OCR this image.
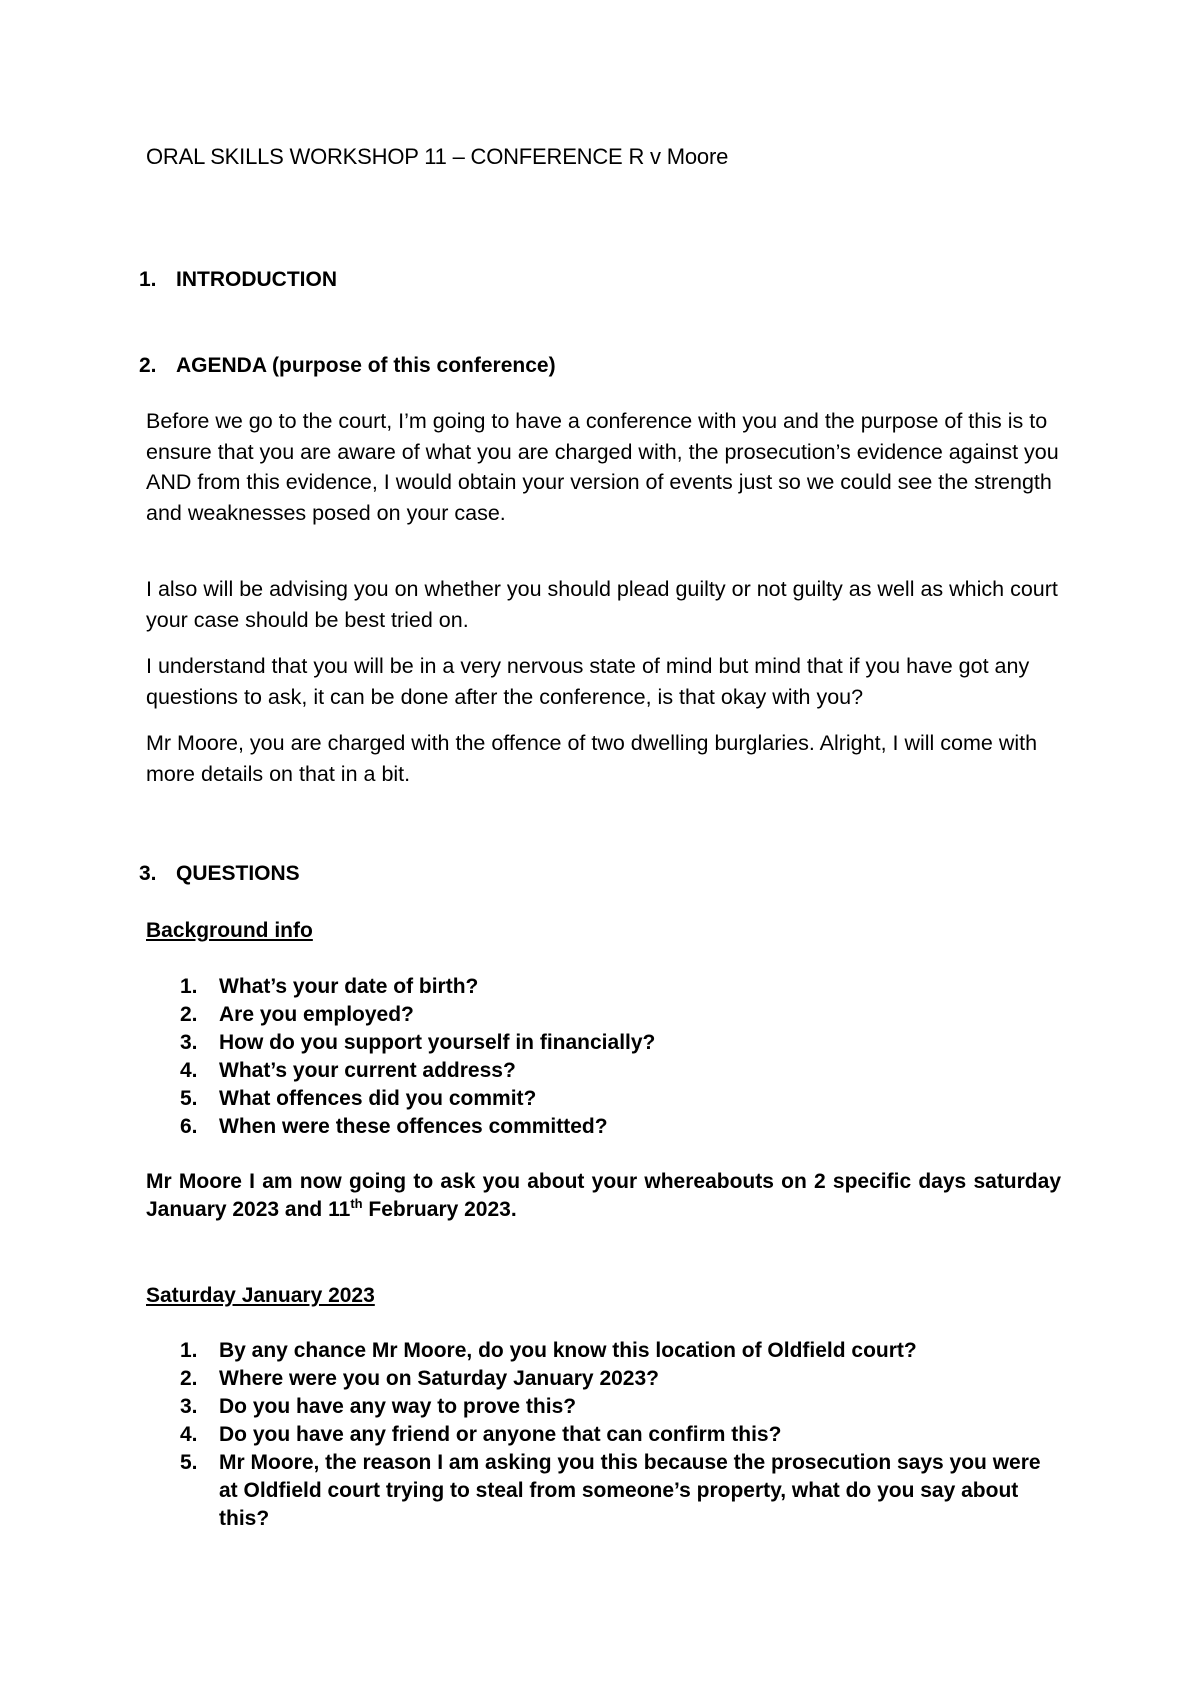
ORAL SKILLS WORKSHOP 11 – CONFERENCE R v Moore
1. INTRODUCTION
2. AGENDA (purpose of this conference)

Before we go to the court, I’m going to have a conference with you and the purpose of this is to ensure that you are aware of what you are charged with, the prosecution’s evidence against you AND from this evidence, I would obtain your version of events just so we could see the strength and weaknesses posed on your case.

I also will be advising you on whether you should plead guilty or not guilty as well as which court your case should be best tried on.

I understand that you will be in a very nervous state of mind but mind that if you have got any questions to ask, it can be done after the conference, is that okay with you?

Mr Moore, you are charged with the offence of two dwelling burglaries. Alright, I will come with more details on that in a bit.

3. QUESTIONS
Background info
1.	What’s your date of birth?
2.	Are you employed?
3.	How do you support yourself in financially?
4.	What’s your current address?
5.	What offences did you commit?
6.	When were these offences committed?

Mr Moore I am now going to ask you about your whereabouts on 2 specific days saturday January 2023 and 11th February 2023.

Saturday January 2023
1.	By any chance Mr Moore, do you know this location of Oldfield court?
2.	Where were you on Saturday January 2023?
3.	Do you have any way to prove this?
4.	Do you have any friend or anyone that can confirm this?
5.	Mr Moore, the reason I am asking you this because the prosecution says you were at Oldfield court trying to steal from someone’s property, what do you say about this?
